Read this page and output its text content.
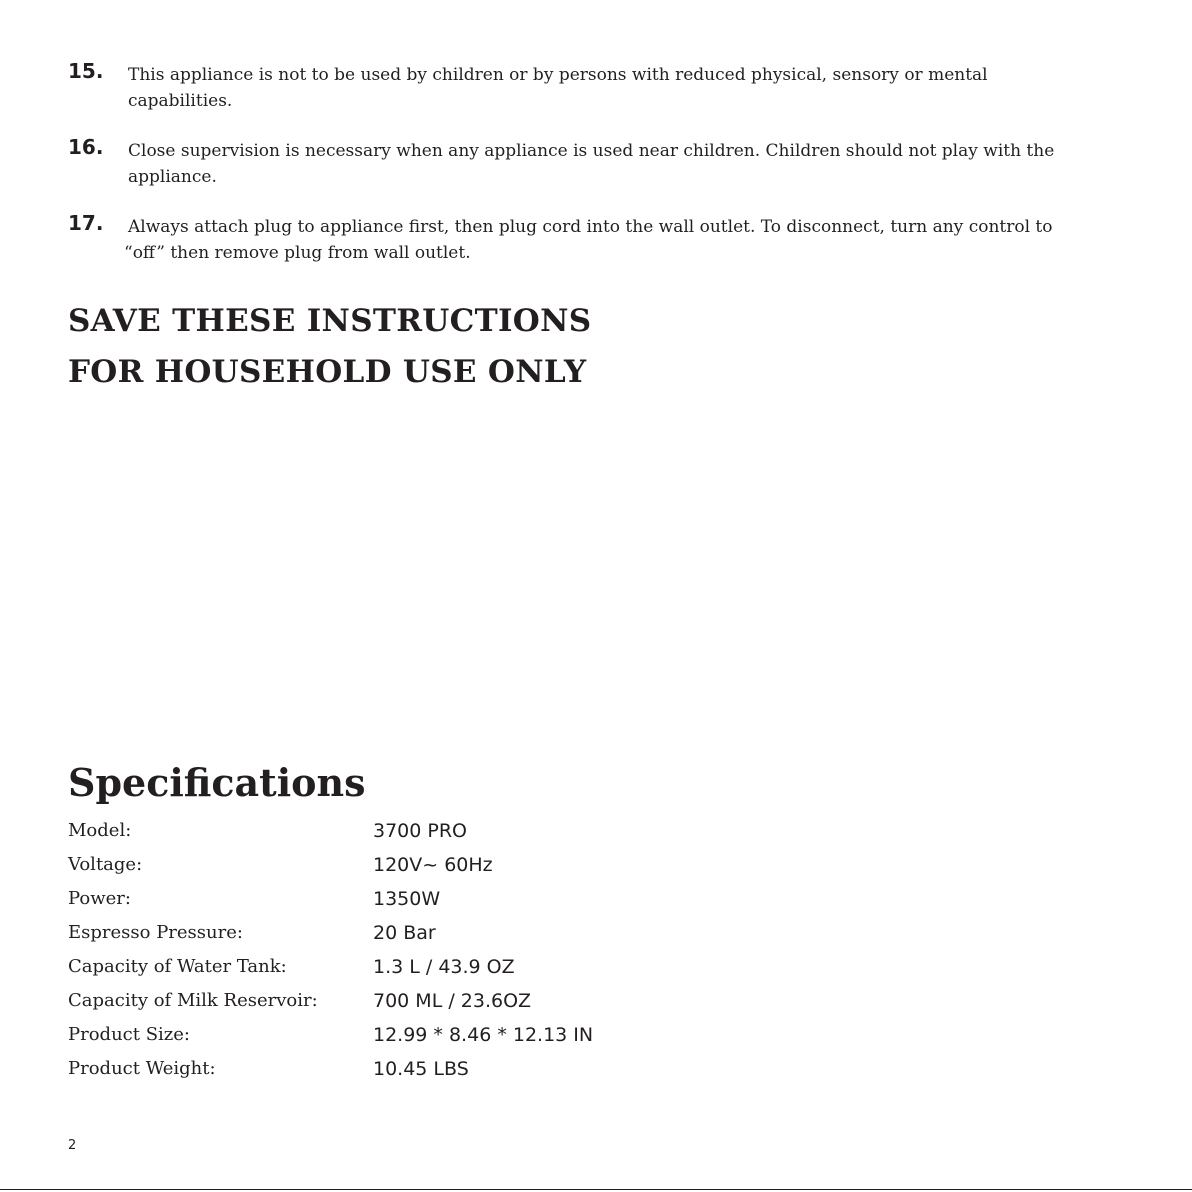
15. This appliance is not to be used by children or by persons with reduced physical, sensory or mental
capabilities.
16. Close supervision is necessary when any appliance is used near children. Children should not play with the
appliance.
17. Always attach plug to appliance first, then plug cord into the wall outlet. To disconnect, turn any control to
“off” then remove plug from wall outlet.
SAVE THESE INSTRUCTIONS
FOR HOUSEHOLD USE ONLY
Specifications
Model:	3700 PRO
Voltage:	120V~ 60Hz
Power:	1350W
Espresso Pressure:	20 Bar
Capacity of Water Tank:	1.3 L / 43.9 OZ
Capacity of Milk Reservoir:	700 ML / 23.6OZ
Product Size:	12.99 * 8.46 * 12.13 IN
Product Weight:	10.45 LBS
2
